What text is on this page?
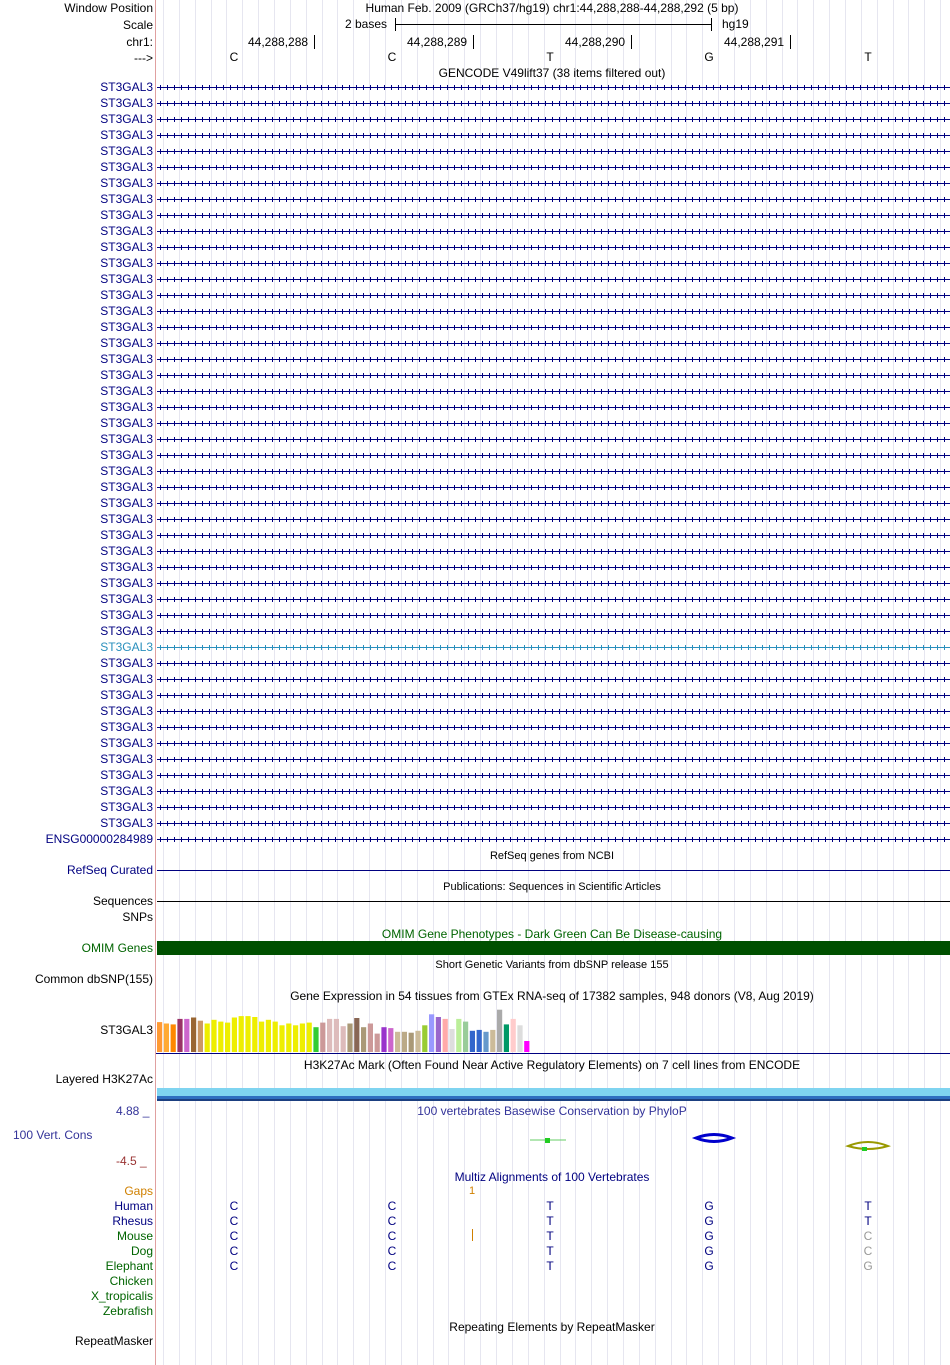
Window Position	Human Feb. 2009 (GRCh37/hg19) chr1:44,288,288-44,288,292 (5 bp)
Scale	2 bases	hg19
chr1:
--->
44,288,288	44,288,289	44,288,290	44,288,291
C	C	T	G	T
GENCODE V49lift37 (38 items filtered out)
ST3GAL3
ST3GAL3
ST3GAL3
ST3GAL3
ST3GAL3
ST3GAL3
ST3GAL3
ST3GAL3
ST3GAL3
ST3GAL3
ST3GAL3
ST3GAL3
ST3GAL3
ST3GAL3
ST3GAL3
ST3GAL3
ST3GAL3
ST3GAL3
ST3GAL3
ST3GAL3
ST3GAL3
ST3GAL3
ST3GAL3
ST3GAL3
ST3GAL3
ST3GAL3
ST3GAL3
ST3GAL3
ST3GAL3
ST3GAL3
ST3GAL3
ST3GAL3
ST3GAL3
ST3GAL3
ST3GAL3
ST3GAL3
ST3GAL3
ST3GAL3
ST3GAL3
ST3GAL3
ST3GAL3
ST3GAL3
ST3GAL3
ST3GAL3
ST3GAL3
ST3GAL3
ST3GAL3
ENSG00000284989
RefSeq genes from NCBI
RefSeq Curated
Publications: Sequences in Scientific Articles
Sequences
SNPs
OMIM Gene Phenotypes - Dark Green Can Be Disease-causing
OMIM Genes
Short Genetic Variants from dbSNP release 155
Common dbSNP(155)
Gene Expression in 54 tissues from GTEx RNA-seq of 17382 samples, 948 donors (V8, Aug 2019)
ST3GAL3
H3K27Ac Mark (Often Found Near Active Regulatory Elements) on 7 cell lines from ENCODE
Layered H3K27Ac
100 vertebrates Basewise Conservation by PhyloP
4.88 _
100 Vert. Cons
-4.5 _
Multiz Alignments of 100 Vertebrates
Gaps	1
Human	C	C	T	G	T
Rhesus	C	C	T	G	T
Mouse	C	C	T	G	C
Dog	C	C	T	G	C
Elephant	C	C	T	G	G
Chicken
X_tropicalis
Zebrafish
Repeating Elements by RepeatMasker
RepeatMasker
